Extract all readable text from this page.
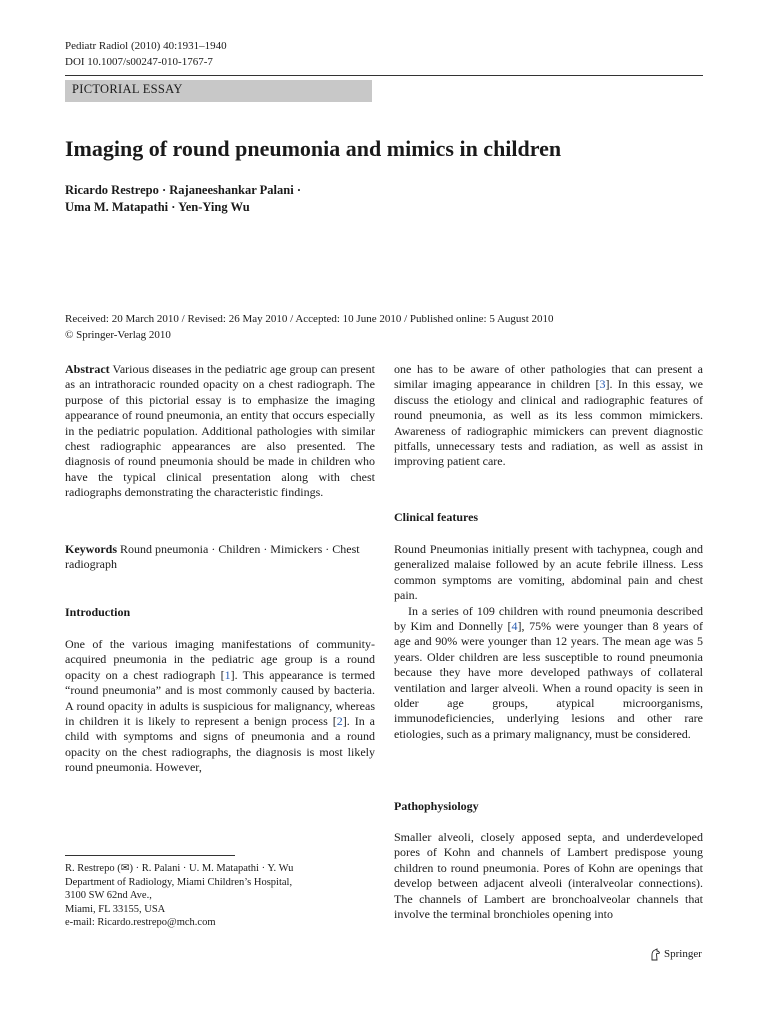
Pediatr Radiol (2010) 40:1931–1940
DOI 10.1007/s00247-010-1767-7
PICTORIAL ESSAY
Imaging of round pneumonia and mimics in children
Ricardo Restrepo · Rajaneeshankar Palani ·
Uma M. Matapathi · Yen-Ying Wu
Received: 20 March 2010 / Revised: 26 May 2010 / Accepted: 10 June 2010 / Published online: 5 August 2010
© Springer-Verlag 2010

Abstract Various diseases in the pediatric age group can present as an intrathoracic rounded opacity on a chest radiograph. The purpose of this pictorial essay is to emphasize the imaging appearance of round pneumonia, an entity that occurs especially in the pediatric population. Additional pathologies with similar chest radiographic appearances are also presented. The diagnosis of round pneumonia should be made in children who have the typical clinical presentation along with chest radiographs demonstrating the characteristic findings.

Keywords Round pneumonia · Children · Mimickers · Chest radiograph

Introduction

One of the various imaging manifestations of community-acquired pneumonia in the pediatric age group is a round opacity on a chest radiograph [1]. This appearance is termed “round pneumonia” and is most commonly caused by bacteria. A round opacity in adults is suspicious for malignancy, whereas in children it is likely to represent a benign process [2]. In a child with symptoms and signs of pneumonia and a round opacity on the chest radiographs, the diagnosis is most likely round pneumonia. However,

one has to be aware of other pathologies that can present a similar imaging appearance in children [3]. In this essay, we discuss the etiology and clinical and radiographic features of round pneumonia, as well as its less common mimickers. Awareness of radiographic mimickers can prevent diagnostic pitfalls, unnecessary tests and radiation, as well as assist in improving patient care.

Clinical features

Round Pneumonias initially present with tachypnea, cough and generalized malaise followed by an acute febrile illness. Less common symptoms are vomiting, abdominal pain and chest pain.

In a series of 109 children with round pneumonia described by Kim and Donnelly [4], 75% were younger than 8 years of age and 90% were younger than 12 years. The mean age was 5 years. Older children are less susceptible to round pneumonia because they have more developed pathways of collateral ventilation and larger alveoli. When a round opacity is seen in older age groups, atypical microorganisms, immunodeficiencies, underlying lesions and other rare etiologies, such as a primary malignancy, must be considered.

Pathophysiology

Smaller alveoli, closely apposed septa, and underdeveloped pores of Kohn and channels of Lambert predispose young children to round pneumonia. Pores of Kohn are openings that develop between adjacent alveoli (interalveolar connections). The channels of Lambert are bronchoalveolar channels that involve the terminal bronchioles opening into

R. Restrepo (✉) · R. Palani · U. M. Matapathi · Y. Wu
Department of Radiology, Miami Children’s Hospital,
3100 SW 62nd Ave.,
Miami, FL 33155, USA
e-mail: Ricardo.restrepo@mch.com
Springer
